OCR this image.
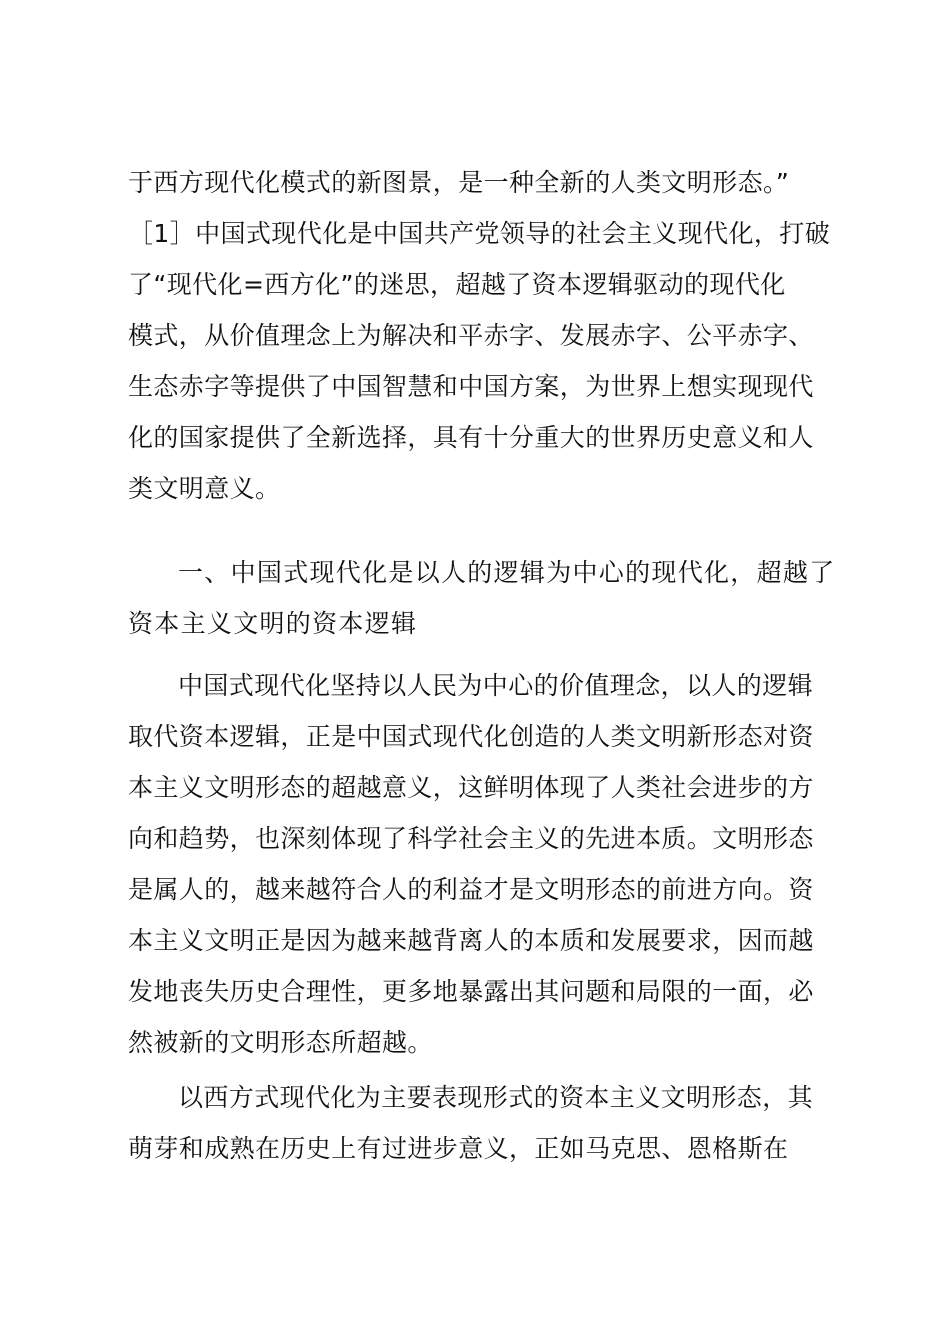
于西方现代化模式的新图景，是一种全新的人类文明形态。”
［1］中国式现代化是中国共产党领导的社会主义现代化，打破
了“现代化=西方化”的迷思，超越了资本逻辑驱动的现代化
模式，从价值理念上为解决和平赤字、发展赤字、公平赤字、
生态赤字等提供了中国智慧和中国方案，为世界上想实现现代
化的国家提供了全新选择，具有十分重大的世界历史意义和人
类文明意义。

一、中国式现代化是以人的逻辑为中心的现代化，超越了
资本主义文明的资本逻辑

中国式现代化坚持以人民为中心的价值理念，以人的逻辑
取代资本逻辑，正是中国式现代化创造的人类文明新形态对资
本主义文明形态的超越意义，这鲜明体现了人类社会进步的方
向和趋势，也深刻体现了科学社会主义的先进本质。文明形态
是属人的，越来越符合人的利益才是文明形态的前进方向。资
本主义文明正是因为越来越背离人的本质和发展要求，因而越
发地丧失历史合理性，更多地暴露出其问题和局限的一面，必
然被新的文明形态所超越。

以西方式现代化为主要表现形式的资本主义文明形态，其
萌芽和成熟在历史上有过进步意义，正如马克思、恩格斯在
